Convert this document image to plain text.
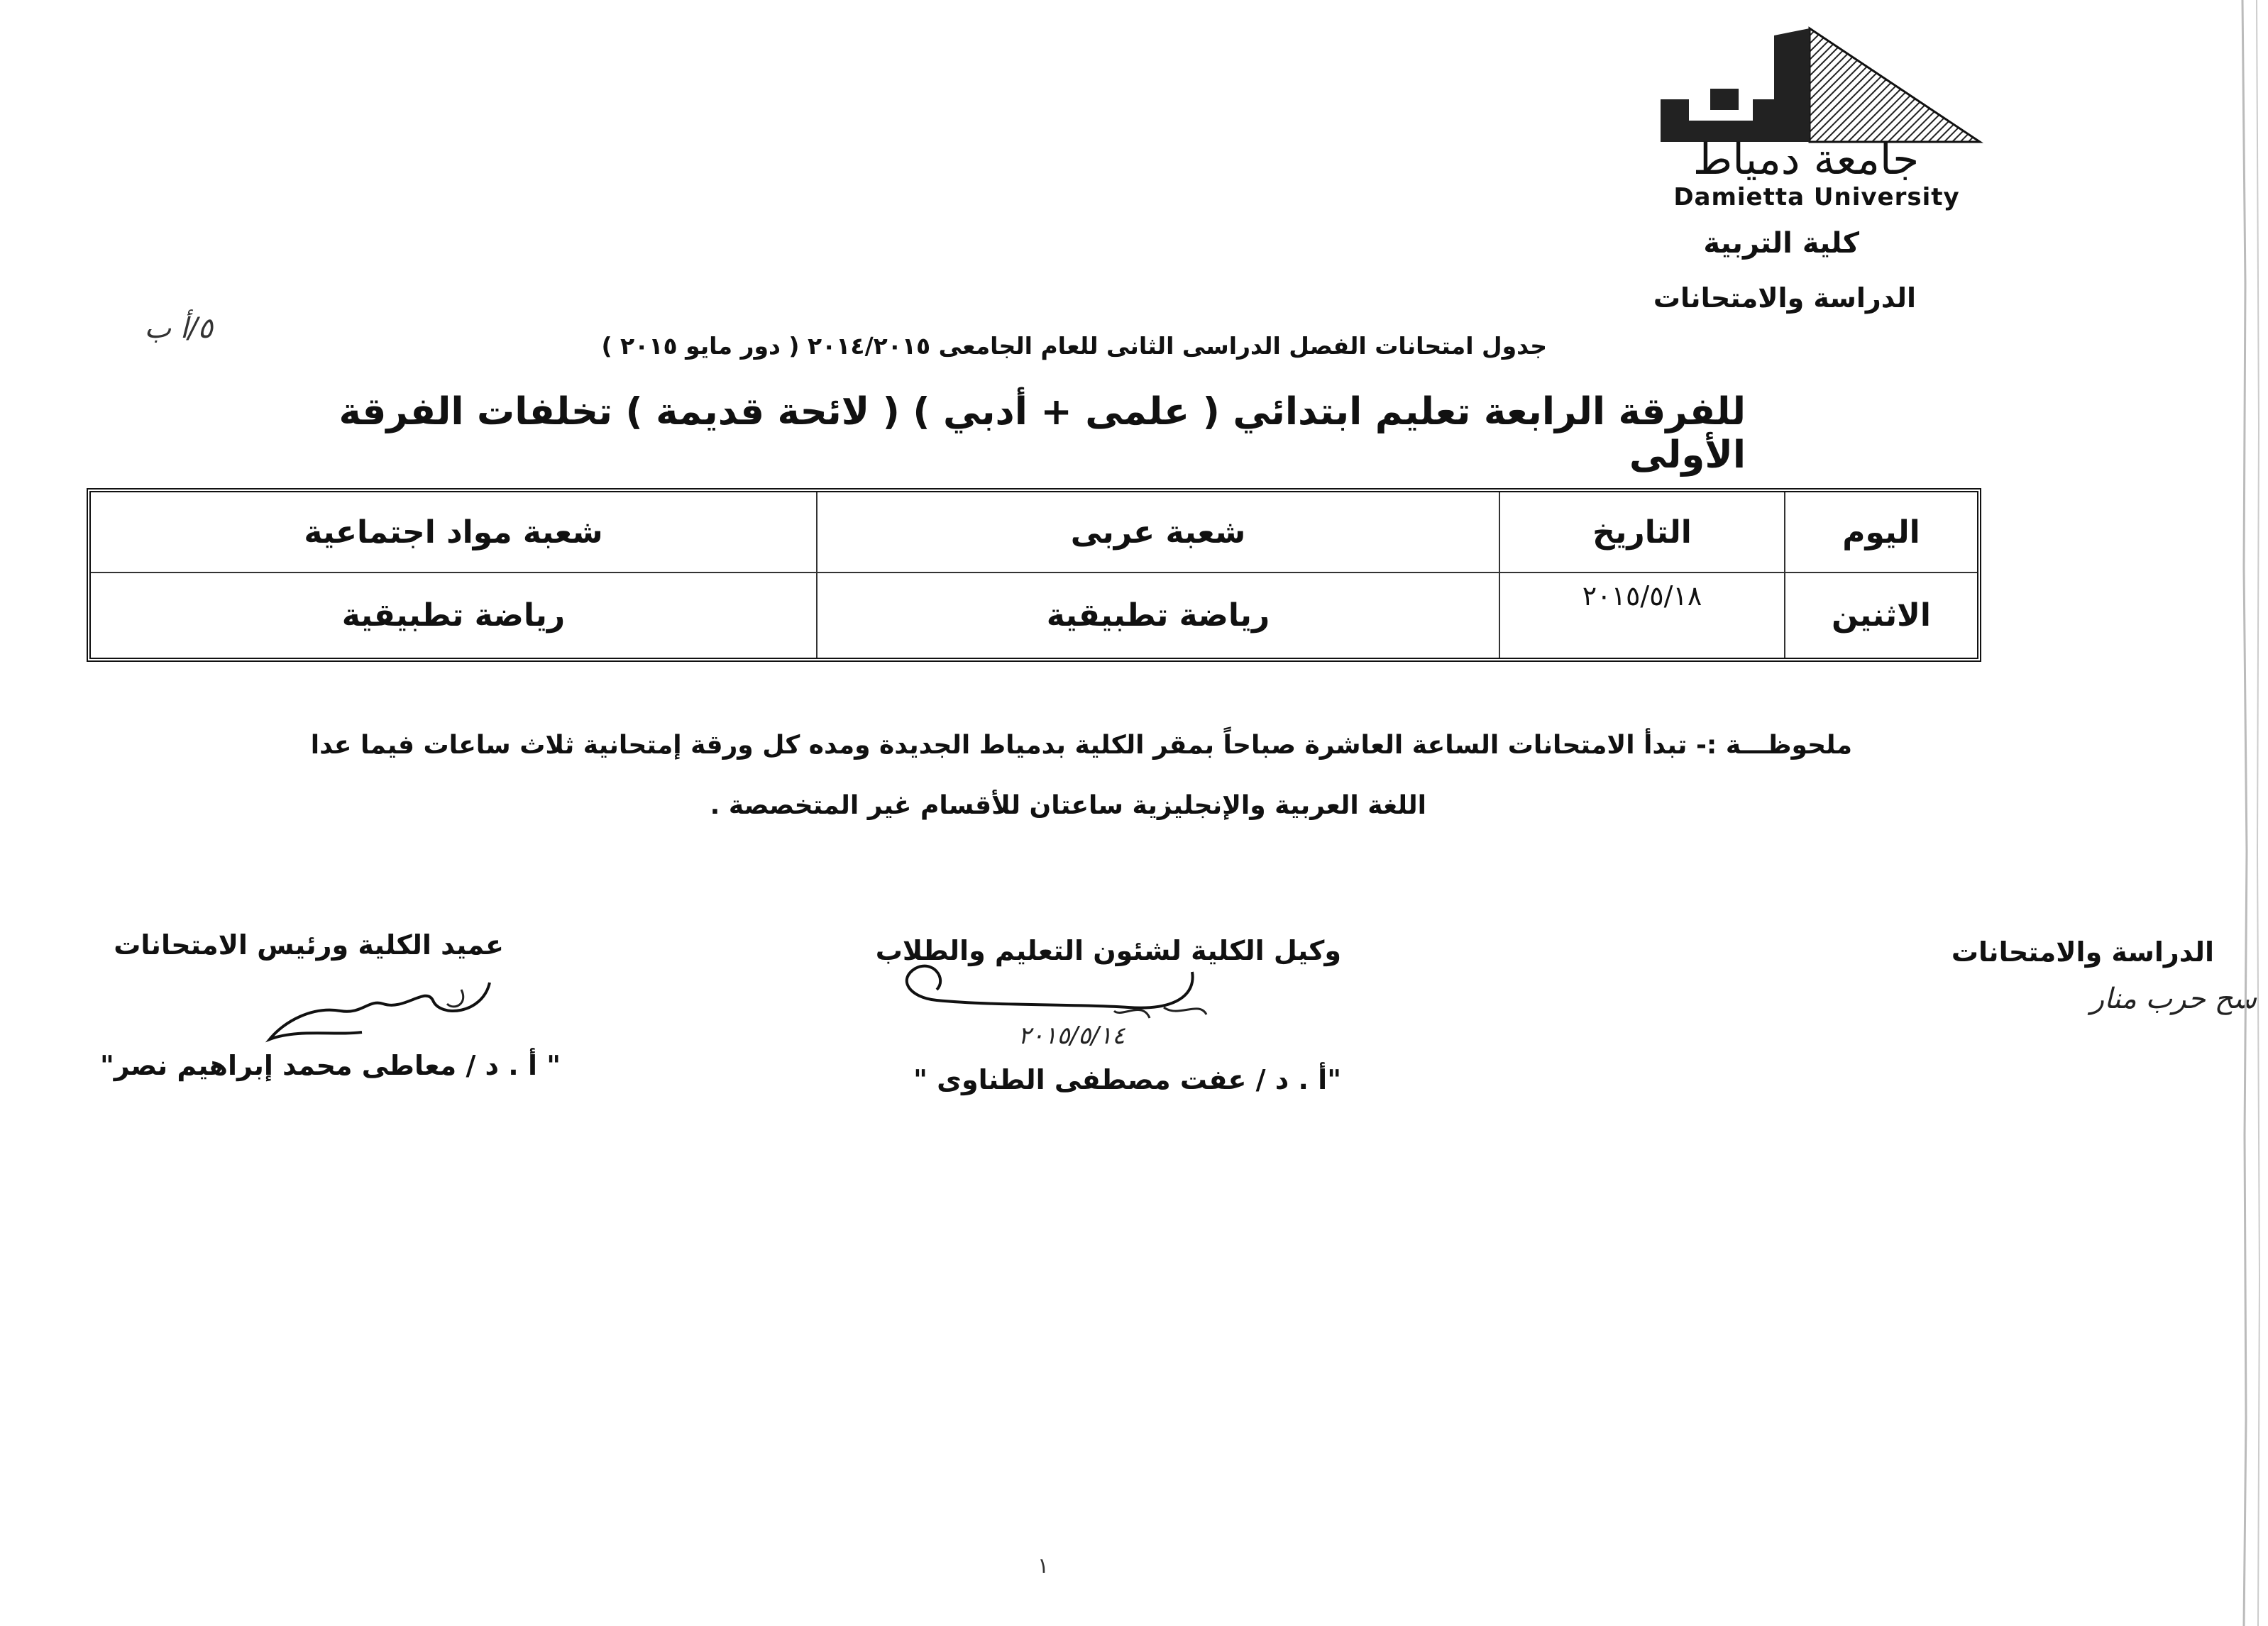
جامعة دمياط
Damietta University
كلية التربية
الدراسة والامتحانات
٥/أ ب
جدول امتحانات الفصل الدراسى الثانى للعام الجامعى ٢٠١٤/٢٠١٥ ( دور مايو ٢٠١٥ )
للفرقة الرابعة تعليم ابتدائي ( علمى + أدبي ) ( لائحة قديمة ) تخلفات الفرقة الأولى
اليوم	التاريخ	شعبة عربى	شعبة مواد اجتماعية
الاثنين	٢٠١٥/٥/١٨	رياضة تطبيقية	رياضة تطبيقية
ملحوظـــة :- تبدأ الامتحانات الساعة العاشرة صباحاً بمقر الكلية بدمياط الجديدة ومده كل ورقة إمتحانية ثلاث ساعات فيما عدا
اللغة العربية والإنجليزية ساعتان للأقسام غير المتخصصة .
الدراسة والامتحانات
سح حرب منار
وكيل الكلية لشئون التعليم والطلاب
٢٠١٥/٥/١٤
"أ . د / عفت مصطفى الطناوى "
عميد الكلية ورئيس الامتحانات
" أ . د / معاطى محمد إبراهيم نصر"
١
